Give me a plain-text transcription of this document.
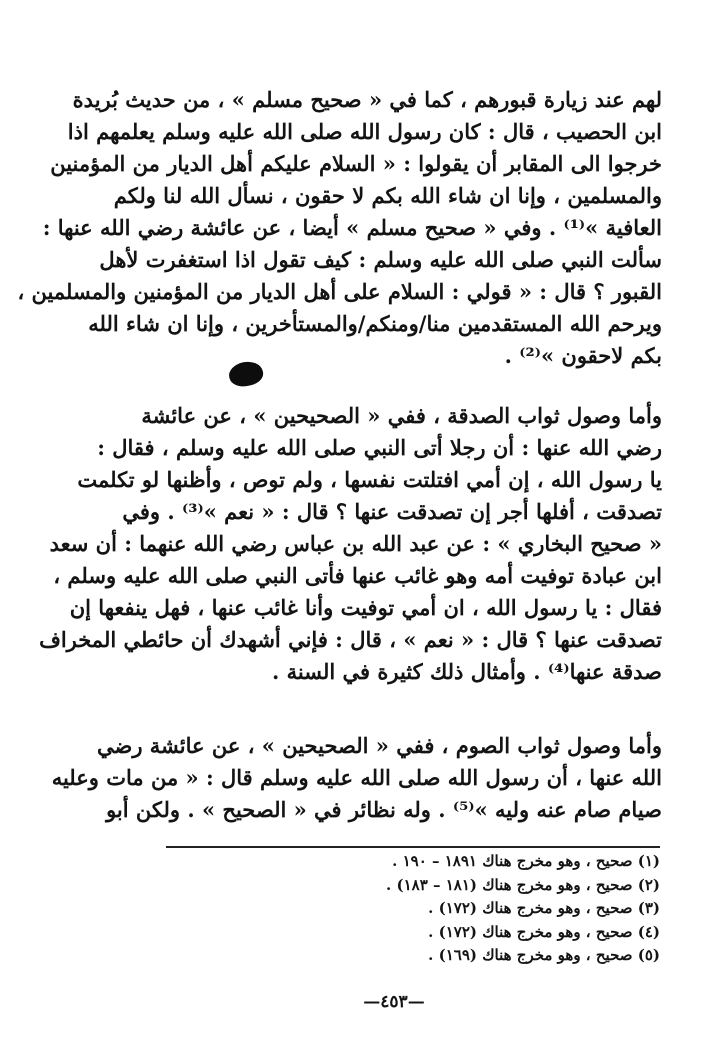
لهم عند زيارة قبورهم ، كما في « صحيح مسلم » ، من حديث بُريدة
ابن الحصيب ، قال : كان رسول الله صلى الله عليه وسلم يعلمهم اذا
خرجوا الى المقابر أن يقولوا : « السلام عليكم أهل الديار من المؤمنين
والمسلمين ، وإنا ان شاء الله بكم لا حقون ، نسأل الله لنا ولكم
العافية »⁽¹⁾ . وفي « صحيح مسلم » أيضا ، عن عائشة رضي الله عنها :
سألت النبي صلى الله عليه وسلم : كيف تقول اذا استغفرت لأهل
القبور ؟ قال : « قولي : السلام على أهل الديار من المؤمنين والمسلمين ،
ويرحم الله المستقدمين منا/ومنكم/والمستأخرين ، وإنا ان شاء الله
بكم لاحقون »⁽²⁾ .
وأما وصول ثواب الصدقة ، ففي « الصحيحين » ، عن عائشة
رضي الله عنها : أن رجلا أتى النبي صلى الله عليه وسلم ، فقال :
يا رسول الله ، إن أمي افتلتت نفسها ، ولم توص ، وأظنها لو تكلمت
تصدقت ، أفلها أجر إن تصدقت عنها ؟ قال : « نعم »⁽³⁾ . وفي
« صحيح البخاري » : عن عبد الله بن عباس رضي الله عنهما : أن سعد
ابن عبادة توفيت أمه وهو غائب عنها فأتى النبي صلى الله عليه وسلم ،
فقال : يا رسول الله ، ان أمي توفيت وأنا غائب عنها ، فهل ينفعها إن
تصدقت عنها ؟ قال : « نعم » ، قال : فإني أشهدك أن حائطي المخراف
صدقة عنها⁽⁴⁾ . وأمثال ذلك كثيرة في السنة .
وأما وصول ثواب الصوم ، ففي « الصحيحين » ، عن عائشة رضي
الله عنها ، أن رسول الله صلى الله عليه وسلم قال : « من مات وعليه
صيام صام عنه وليه »⁽⁵⁾ . وله نظائر في « الصحيح » . ولكن أبو
(١) صحيح ، وهو مخرج هناك ١٨٩١ – ١٩٠ .
(٢) صحيح ، وهو مخرج هناك (١٨١ – ١٨٣) .
(٣) صحيح ، وهو مخرج هناك (١٧٢) .
(٤) صحيح ، وهو مخرج هناك (١٧٢) .
(٥) صحيح ، وهو مخرج هناك (١٦٩) .
—٤٥٣—
